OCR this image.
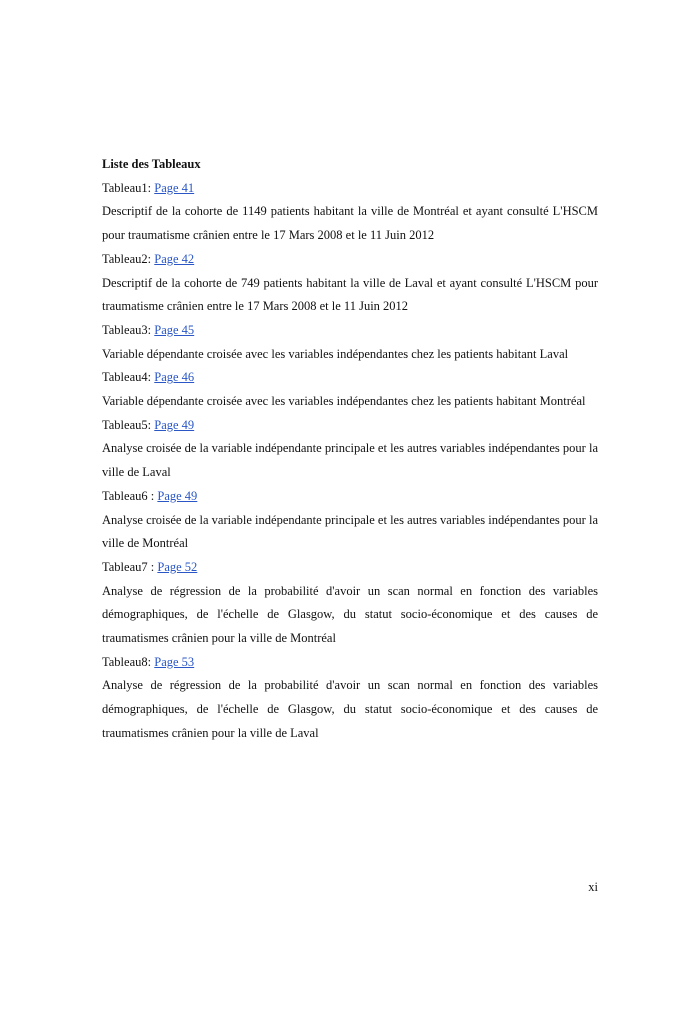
Liste des Tableaux

Tableau1: Page 41

Descriptif de la cohorte de 1149 patients habitant la ville de Montréal et ayant consulté L'HSCM pour traumatisme crânien entre le 17 Mars 2008 et le 11 Juin 2012

Tableau2: Page 42

Descriptif de la cohorte de 749 patients habitant la ville de Laval et ayant consulté L'HSCM pour traumatisme crânien entre le 17 Mars 2008 et le 11 Juin 2012

Tableau3: Page 45

Variable dépendante croisée avec les variables indépendantes chez les patients habitant Laval

Tableau4: Page 46

Variable dépendante croisée avec les variables indépendantes chez les patients habitant Montréal

Tableau5: Page 49

Analyse croisée de la variable indépendante principale et les autres variables indépendantes pour la ville de Laval

Tableau6 : Page 49

Analyse croisée de la variable indépendante principale et les autres variables indépendantes pour la ville de Montréal

Tableau7 : Page 52

Analyse de régression de la probabilité d'avoir un scan normal en fonction des variables démographiques, de l'échelle de Glasgow, du statut socio-économique et des causes de traumatismes crânien pour la ville de Montréal

Tableau8: Page 53

Analyse de régression de la probabilité d'avoir un scan normal en fonction des variables démographiques, de l'échelle de Glasgow, du statut socio-économique et des causes de traumatismes crânien pour la ville de Laval

xi
